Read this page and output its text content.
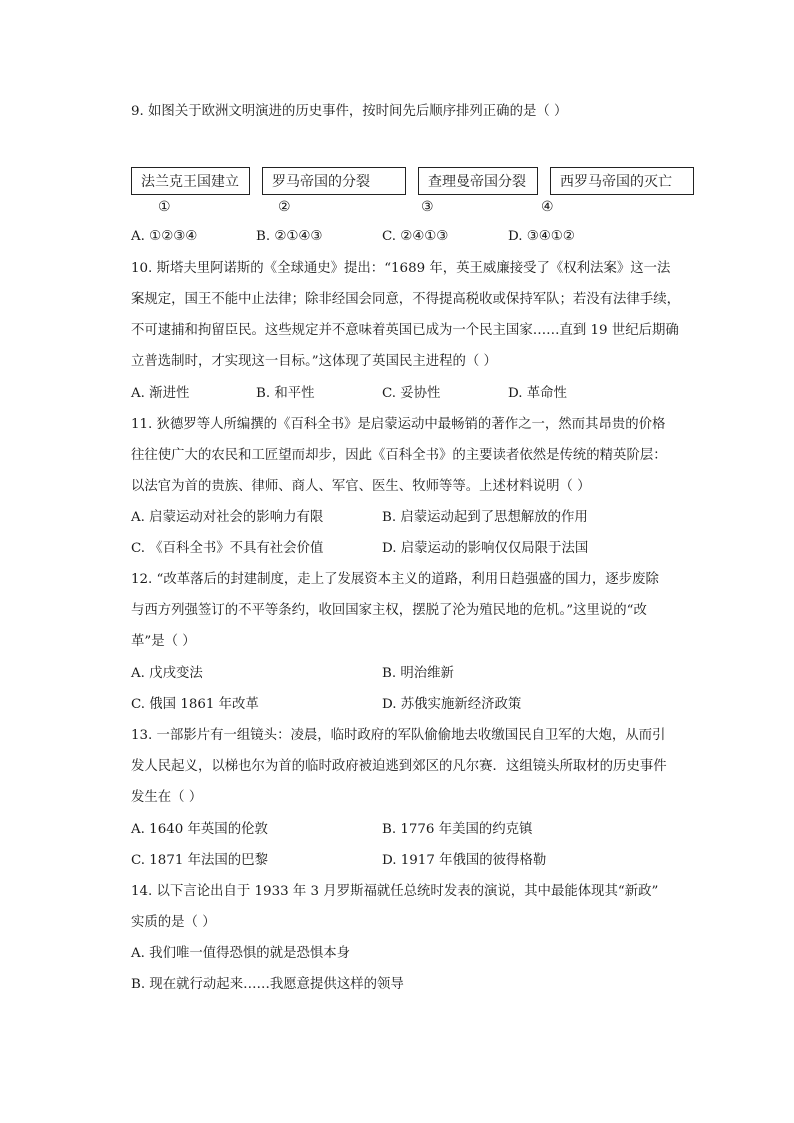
9. 如图关于欧洲文明演进的历史事件，按时间先后顺序排列正确的是（ ）
法兰克王国建立	罗马帝国的分裂	查理曼帝国分裂	西罗马帝国的灭亡
①	②	③	④
A. ①②③④	B. ②①④③	C. ②④①③	D. ③④①②
10. 斯塔夫里阿诺斯的《全球通史》提出：“1689 年，英王威廉接受了《权利法案》这一法
案规定，国王不能中止法律；除非经国会同意，不得提高税收或保持军队；若没有法律手续，
不可逮捕和拘留臣民。这些规定并不意味着英国已成为一个民主国家……直到 19 世纪后期确
立普选制时，才实现这一目标。”这体现了英国民主进程的（ ）
A. 渐进性	B. 和平性	C. 妥协性	D. 革命性
11. 狄德罗等人所编撰的《百科全书》是启蒙运动中最畅销的著作之一，然而其昂贵的价格
往往使广大的农民和工匠望而却步，因此《百科全书》的主要读者依然是传统的精英阶层：
以法官为首的贵族、律师、商人、军官、医生、牧师等等。上述材料说明（ ）
A. 启蒙运动对社会的影响力有限	B. 启蒙运动起到了思想解放的作用
C. 《百科全书》不具有社会价值	D. 启蒙运动的影响仅仅局限于法国
12. “改革落后的封建制度，走上了发展资本主义的道路，利用日趋强盛的国力，逐步废除
与西方列强签订的不平等条约，收回国家主权，摆脱了沦为殖民地的危机。”这里说的“改
革”是（ ）
A. 戊戌变法	B. 明治维新
C. 俄国 1861 年改革	D. 苏俄实施新经济政策
13. 一部影片有一组镜头：凌晨，临时政府的军队偷偷地去收缴国民自卫军的大炮，从而引
发人民起义，以梯也尔为首的临时政府被迫逃到郊区的凡尔赛．这组镜头所取材的历史事件
发生在（ ）
A. 1640 年英国的伦敦	B. 1776 年美国的约克镇
C. 1871 年法国的巴黎	D. 1917 年俄国的彼得格勒
14. 以下言论出自于 1933 年 3 月罗斯福就任总统时发表的演说，其中最能体现其“新政”
实质的是（ ）
A. 我们唯一值得恐惧的就是恐惧本身
B. 现在就行动起来……我愿意提供这样的领导
